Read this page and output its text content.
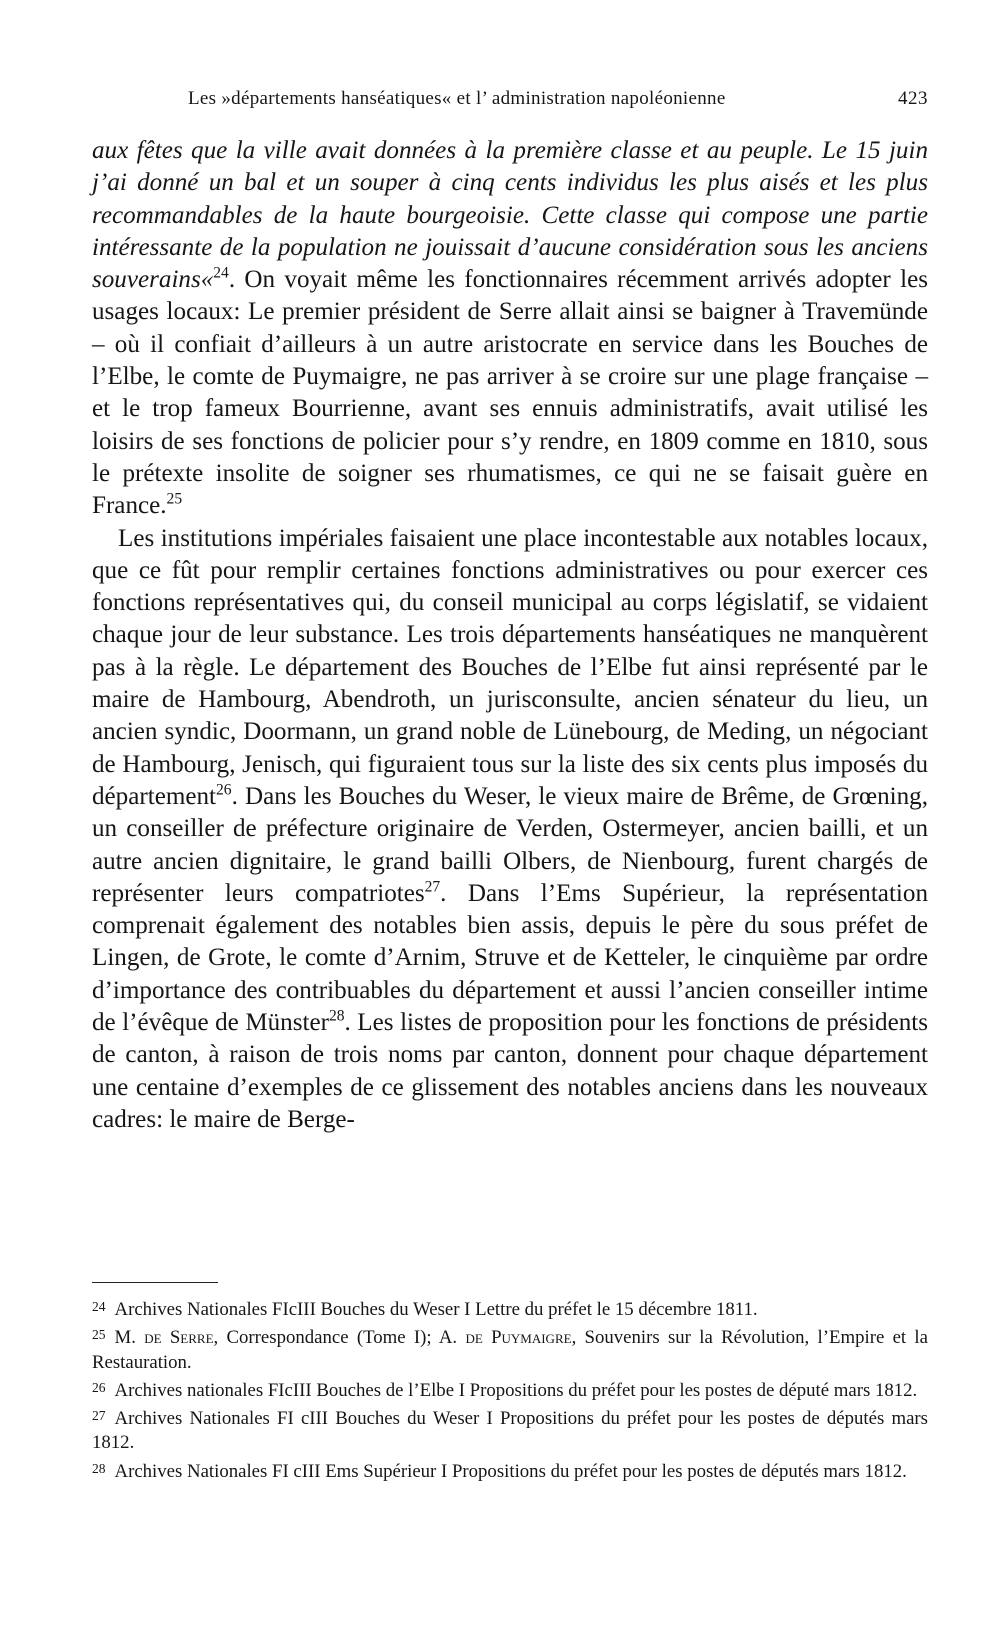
Les »départements hanséatiques« et l’ administration napoléonienne	423

aux fêtes que la ville avait données à la première classe et au peuple. Le 15 juin j’ai donné un bal et un souper à cinq cents individus les plus aisés et les plus recommandables de la haute bourgeoisie. Cette classe qui compose une partie intéressante de la population ne jouissait d’aucune considération sous les anciens souverains«$^{24}$. On voyait même les fonctionnaires récemment arrivés adopter les usages locaux: Le premier président de Serre allait ainsi se baigner à Travemünde – où il confiait d’ailleurs à un autre aristocrate en service dans les Bouches de l’Elbe, le comte de Puymaigre, ne pas arriver à se croire sur une plage française – et le trop fameux Bourrienne, avant ses ennuis administratifs, avait utilisé les loisirs de ses fonctions de policier pour s’y rendre, en 1809 comme en 1810, sous le prétexte insolite de soigner ses rhumatismes, ce qui ne se faisait guère en France.$^{25}$

Les institutions impériales faisaient une place incontestable aux notables locaux, que ce fût pour remplir certaines fonctions administratives ou pour exercer ces fonctions représentatives qui, du conseil municipal au corps législatif, se vidaient chaque jour de leur substance. Les trois départements hanséatiques ne manquèrent pas à la règle. Le département des Bouches de l’Elbe fut ainsi représenté par le maire de Hambourg, Abendroth, un jurisconsulte, ancien sénateur du lieu, un ancien syndic, Doormann, un grand noble de Lünebourg, de Meding, un négociant de Hambourg, Jenisch, qui figuraient tous sur la liste des six cents plus imposés du département$^{26}$. Dans les Bouches du Weser, le vieux maire de Brême, de Grœning, un conseiller de préfecture originaire de Verden, Ostermeyer, ancien bailli, et un autre ancien dignitaire, le grand bailli Olbers, de Nienbourg, furent chargés de représenter leurs compatriotes$^{27}$. Dans l’Ems Supérieur, la représentation comprenait également des notables bien assis, depuis le père du sous préfet de Lingen, de Grote, le comte d’Arnim, Struve et de Ketteler, le cinquième par ordre d’importance des contribuables du département et aussi l’ancien conseiller intime de l’évêque de Münster$^{28}$. Les listes de proposition pour les fonctions de présidents de canton, à raison de trois noms par canton, donnent pour chaque département une centaine d’exemples de ce glissement des notables anciens dans les nouveaux cadres: le maire de Berge-

$^{24}$ Archives Nationales FIcIII Bouches du Weser I Lettre du préfet le 15 décembre 1811.

$^{25}$ M. de Serre, Correspondance (Tome I); A. de Puymaigre, Souvenirs sur la Révolution, l’Empire et la Restauration.

$^{26}$ Archives nationales FIcIII Bouches de l’Elbe I Propositions du préfet pour les postes de député mars 1812.

$^{27}$ Archives Nationales FI cIII Bouches du Weser I Propositions du préfet pour les postes de députés mars 1812.

$^{28}$ Archives Nationales FI cIII Ems Supérieur I Propositions du préfet pour les postes de députés mars 1812.
